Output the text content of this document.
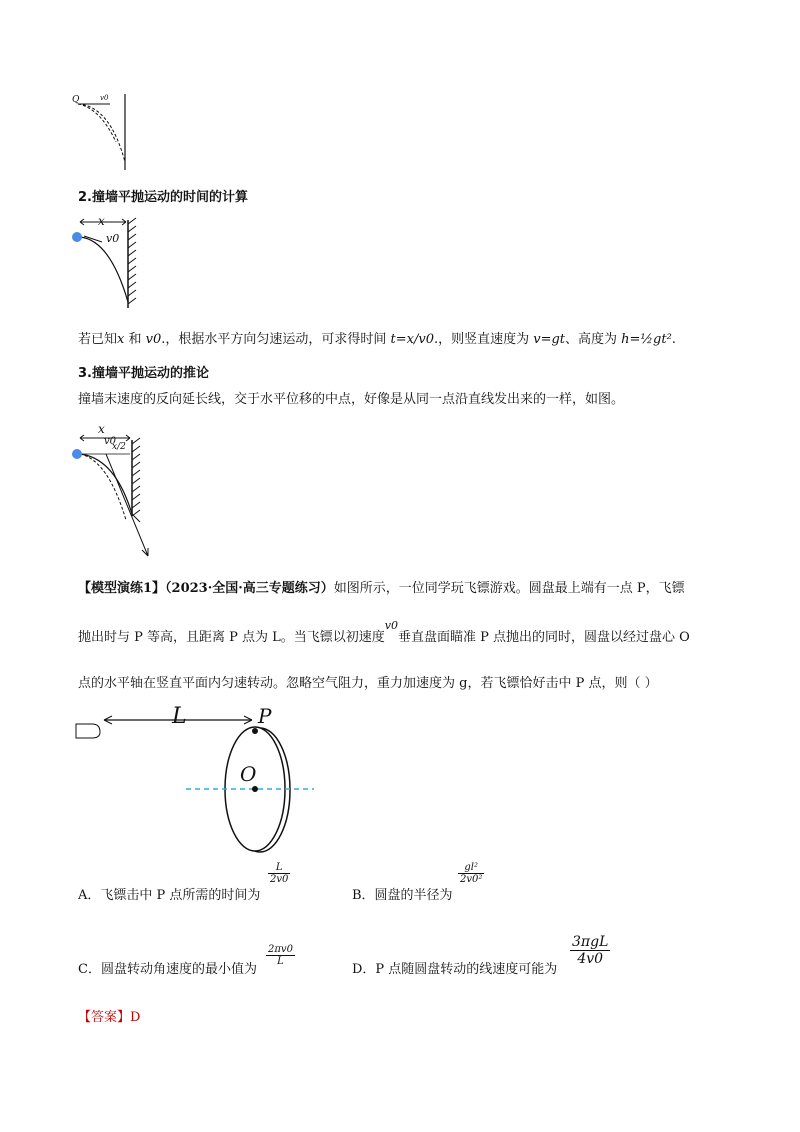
Q	v0
2.撞墙平抛运动的时间的计算
x
v0
若已知x 和 v0.，根据水平方向匀速运动，可求得时间 t=x/v0.，则竖直速度为 v=gt、高度为 h=½gt².
3.撞墙平抛运动的推论
撞墙末速度的反向延长线，交于水平位移的中点，好像是从同一点沿直线发出来的一样，如图。
x
v0
x/2
【模型演练1】（2023·全国·高三专题练习）如图所示，一位同学玩飞镖游戏。圆盘最上端有一点 P，飞镖
抛出时与 P 等高，且距离 P 点为 L。当飞镖以初速度$^{v0}$垂直盘面瞄准 P 点抛出的同时，圆盘以经过盘心 O
点的水平轴在竖直平面内匀速转动。忽略空气阻力，重力加速度为 g，若飞镖恰好击中 P 点，则（ ）
L	P
O
A．飞镖击中 P 点所需的时间为
$\frac{L}{2v0}$
B．圆盘的半径为
$\frac{\text{gl²}}{\text{2v0²}}$
C．圆盘转动角速度的最小值为
$\frac{2\pi v0}{L}$
D．P 点随圆盘转动的线速度可能为
3πgL
4v0
【答案】D
